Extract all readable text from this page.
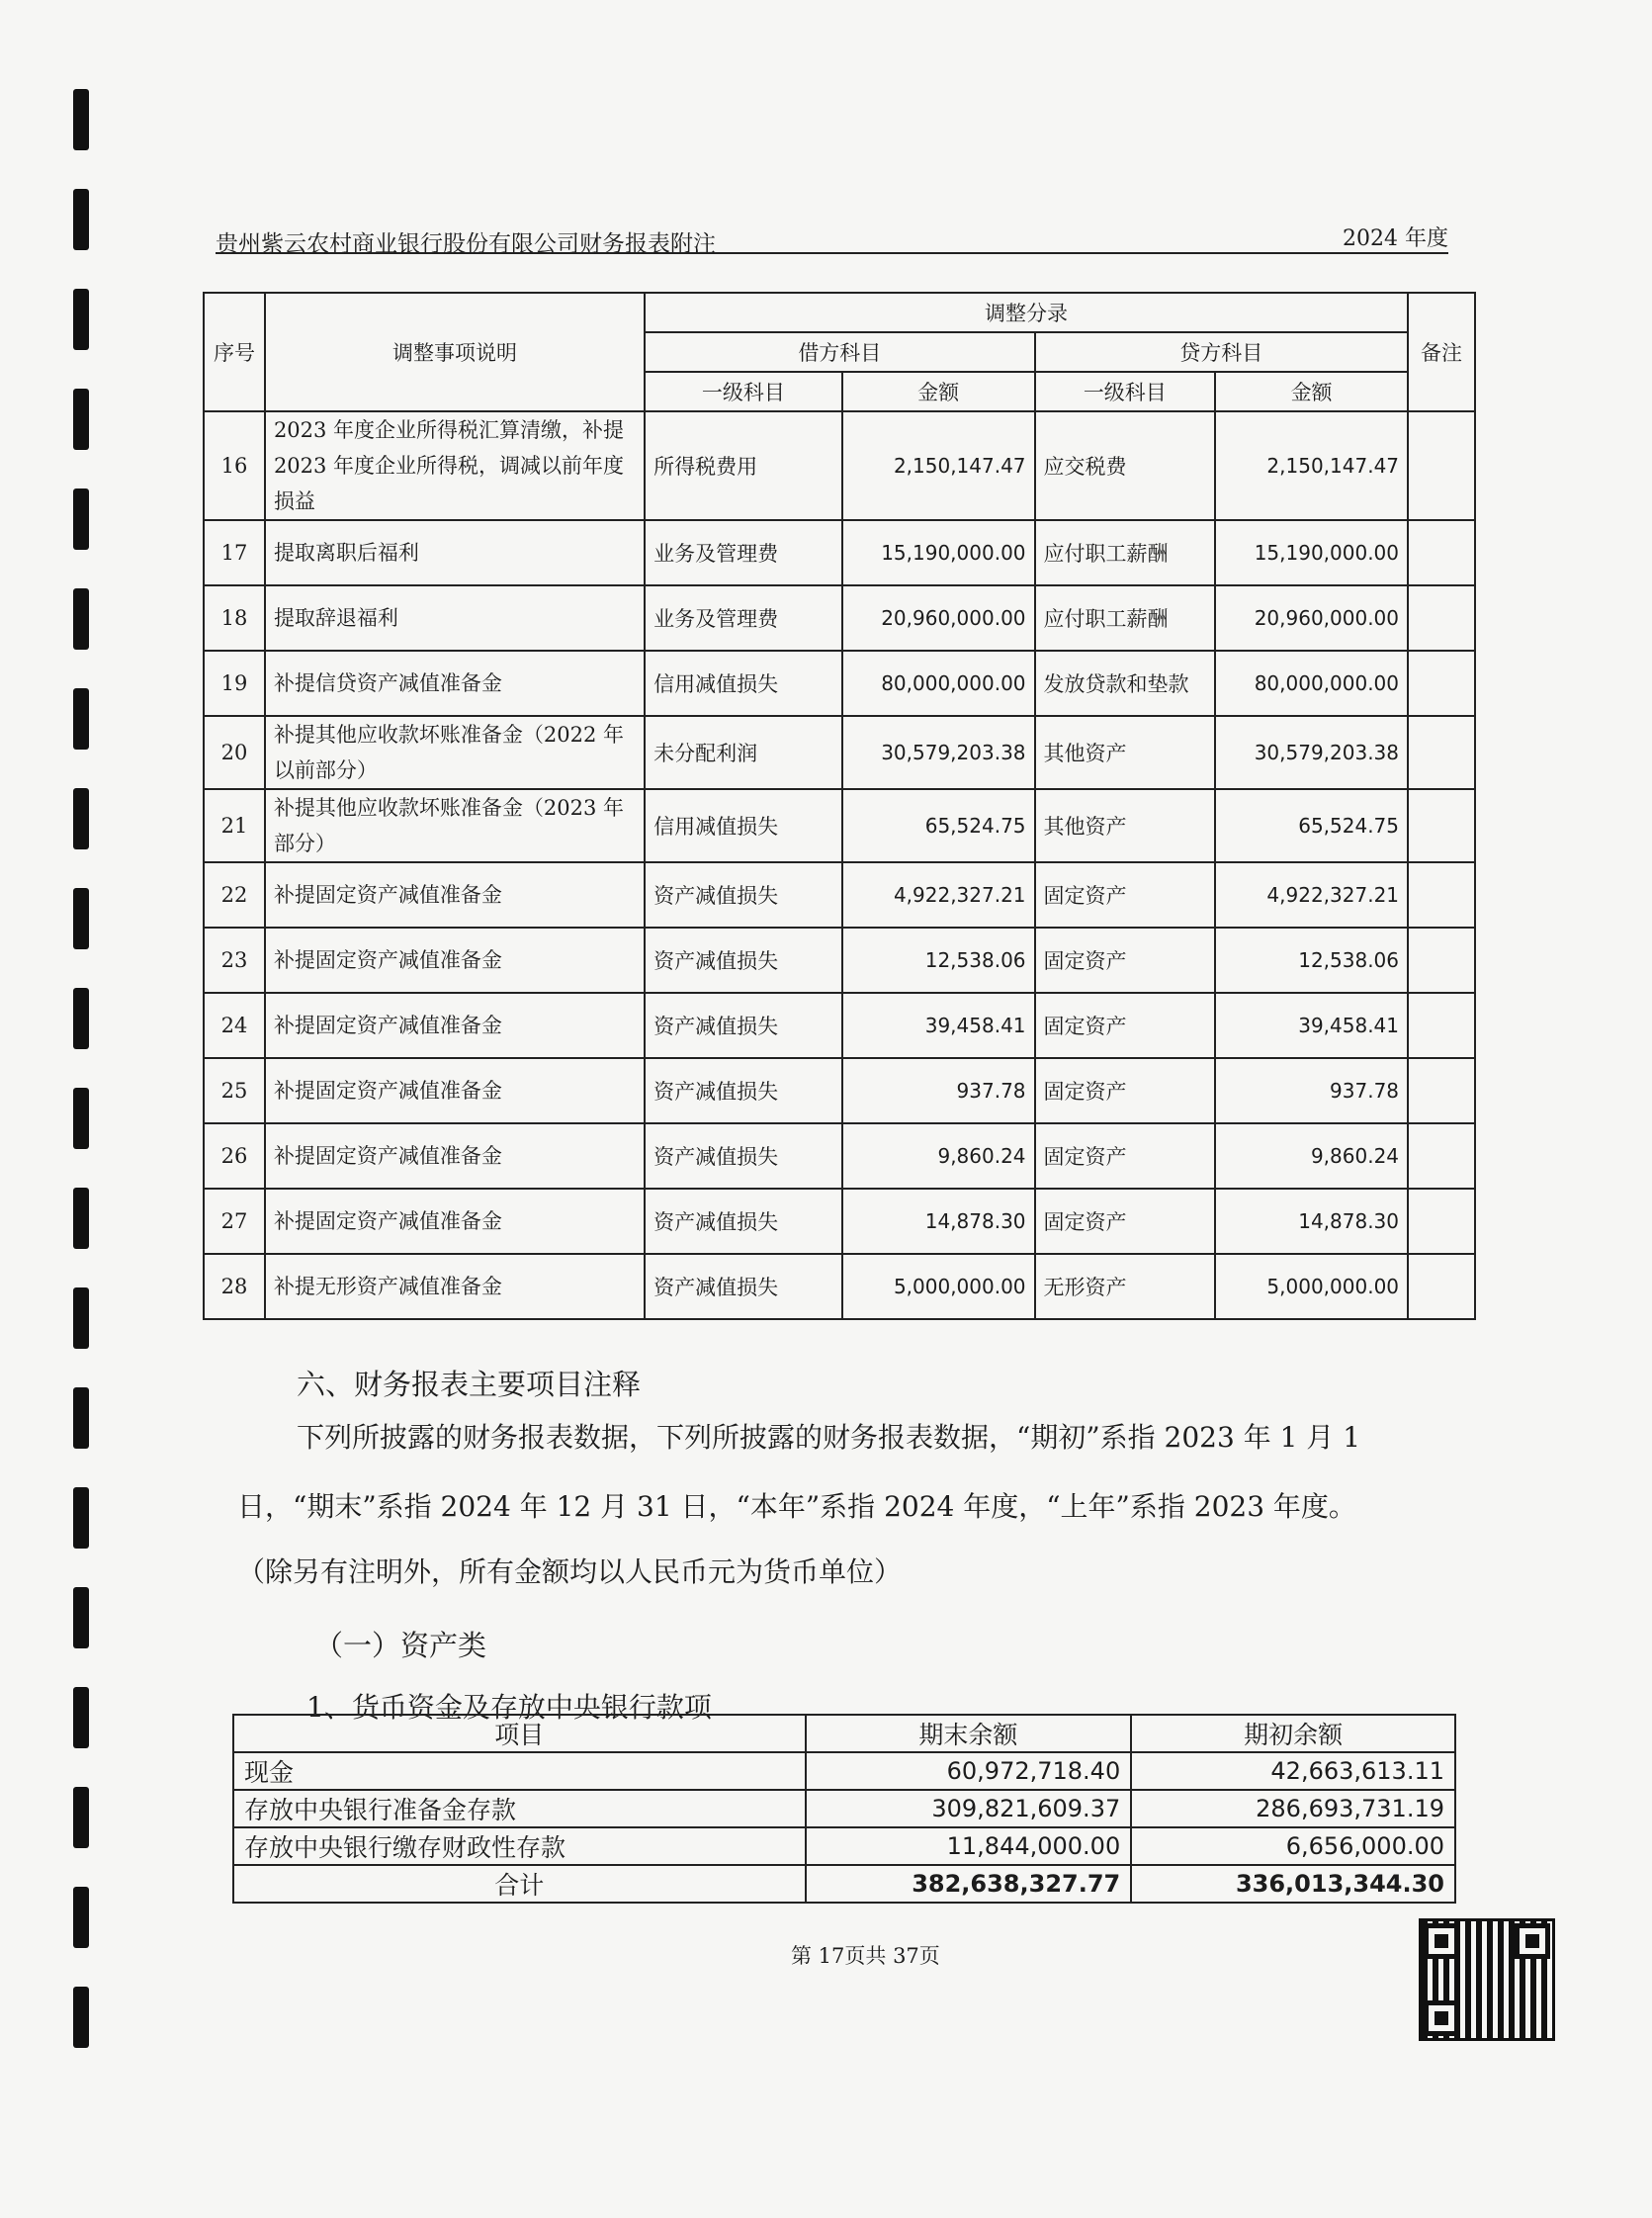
贵州紫云农村商业银行股份有限公司财务报表附注	2024 年度
序号	调整事项说明	调整分录				备注
		借方科目		贷方科目		
		一级科目	金额	一级科目	金额	
16	2023 年度企业所得税汇算清缴，补提 2023 年度企业所得税，调减以前年度损益	所得税费用	2,150,147.47	应交税费	2,150,147.47	
17	提取离职后福利	业务及管理费	15,190,000.00	应付职工薪酬	15,190,000.00	
18	提取辞退福利	业务及管理费	20,960,000.00	应付职工薪酬	20,960,000.00	
19	补提信贷资产减值准备金	信用减值损失	80,000,000.00	发放贷款和垫款	80,000,000.00	
20	补提其他应收款坏账准备金（2022 年以前部分）	未分配利润	30,579,203.38	其他资产	30,579,203.38	
21	补提其他应收款坏账准备金（2023 年部分）	信用减值损失	65,524.75	其他资产	65,524.75	
22	补提固定资产减值准备金	资产减值损失	4,922,327.21	固定资产	4,922,327.21	
23	补提固定资产减值准备金	资产减值损失	12,538.06	固定资产	12,538.06	
24	补提固定资产减值准备金	资产减值损失	39,458.41	固定资产	39,458.41	
25	补提固定资产减值准备金	资产减值损失	937.78	固定资产	937.78	
26	补提固定资产减值准备金	资产减值损失	9,860.24	固定资产	9,860.24	
27	补提固定资产减值准备金	资产减值损失	14,878.30	固定资产	14,878.30	
28	补提无形资产减值准备金	资产减值损失	5,000,000.00	无形资产	5,000,000.00	
六、财务报表主要项目注释
下列所披露的财务报表数据，下列所披露的财务报表数据，“期初”系指 2023 年 1 月 1
日，“期末”系指 2024 年 12 月 31 日，“本年”系指 2024 年度，“上年”系指 2023 年度。
（除另有注明外，所有金额均以人民币元为货币单位）
（一）资产类
1、货币资金及存放中央银行款项
项目	期末余额	期初余额
现金	60,972,718.40	42,663,613.11
存放中央银行准备金存款	309,821,609.37	286,693,731.19
存放中央银行缴存财政性存款	11,844,000.00	6,656,000.00
合计	382,638,327.77	336,013,344.30
第 17页共 37页
